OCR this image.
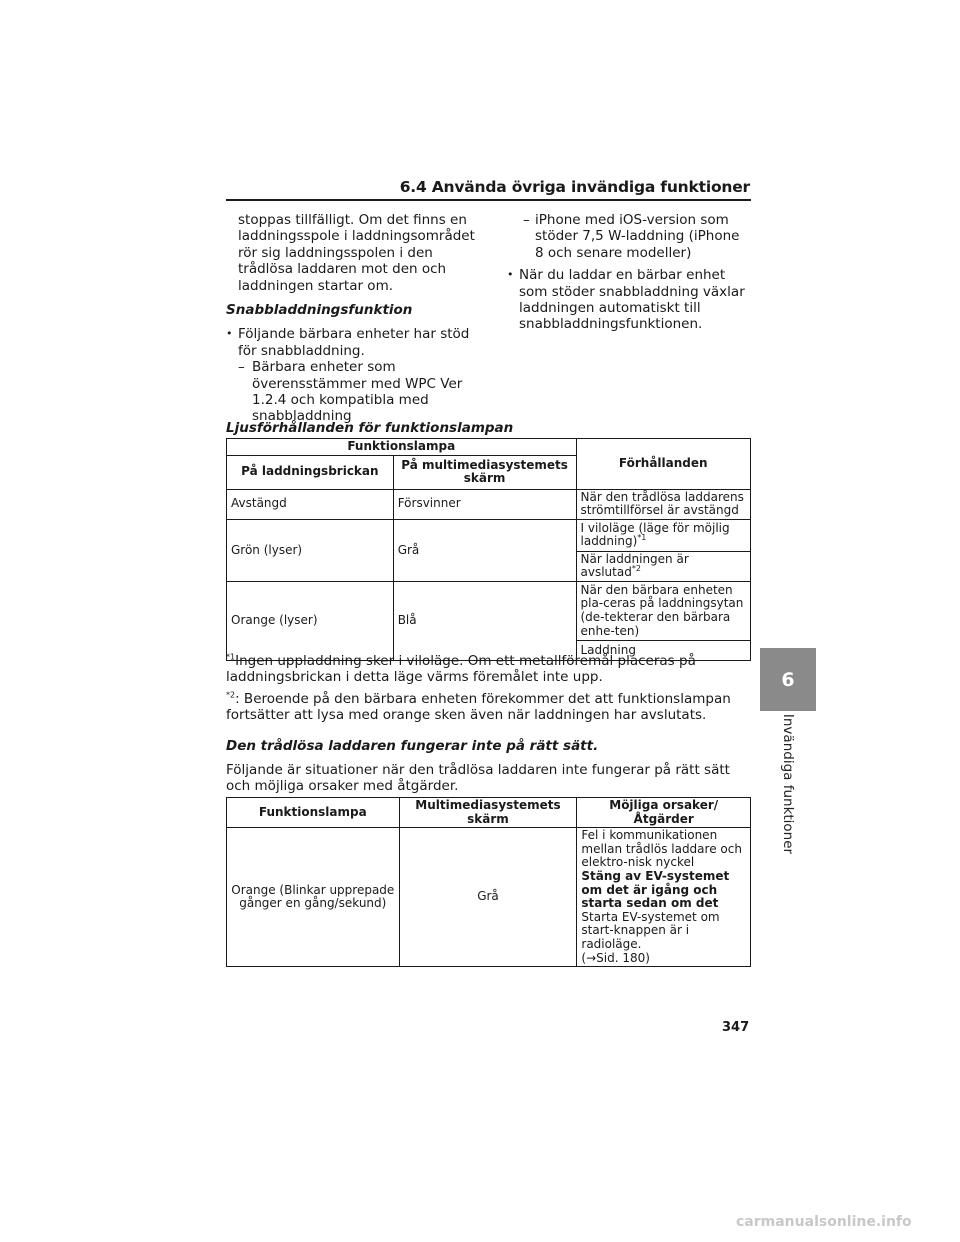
6.4 Använda övriga invändiga funktioner
6
Invändiga funktioner

stoppas tillfälligt. Om det finns en laddningsspole i laddningsområdet rör sig laddningsspolen i den trådlösa laddaren mot den och laddningen startar om.

Snabbladdningsfunktion

• Följande bärbara enheter har stöd för snabbladdning.

– Bärbara enheter som överensstämmer med WPC Ver 1.2.4 och kompatibla med snabbladdning

– iPhone med iOS-version som stöder 7,5 W-laddning (iPhone 8 och senare modeller)

• När du laddar en bärbar enhet som stöder snabbladdning växlar laddningen automatiskt till snabbladdningsfunktionen.

Ljusförhållanden för funktionslampan
Funktionslampa		Förhållanden
På laddningsbrickan	På multimediasystemets skärm	
Avstängd	Försvinner	När den trådlösa laddarens strömtillförsel är avstängd
Grön (lyser)	Grå	I viloläge (läge för möjlig laddning)$^{*1}$
		När laddningen är avslutad$^{*2}$
Orange (lyser)	Blå	När den bärbara enheten pla-ceras på laddningsytan (de-tekterar den bärbara enhe-ten)
		Laddning

$^{*1}$Ingen uppladdning sker i viloläge. Om ett metallföremål placeras på laddningsbrickan i detta läge värms föremålet inte upp.

$^{*2}$: Beroende på den bärbara enheten förekommer det att funktionslampan fortsätter att lysa med orange sken även när laddningen har avslutats.

Den trådlösa laddaren fungerar inte på rätt sätt.

Följande är situationer när den trådlösa laddaren inte fungerar på rätt sätt och möjliga orsaker med åtgärder.

Funktionslampa	Multimediasystemets skärm	Möjliga orsaker/Åtgärder
Orange (Blinkar upprepade gånger en gång/sekund)	Grå	Fel i kommunikationen mellan trådlös laddare och elektro-nisk nyckel
Stäng av EV-systemet om det är igång och starta sedan om det
Starta EV-systemet om start-knappen är i radioläge.
(→Sid. 180)
347
carmanualsonline.info
